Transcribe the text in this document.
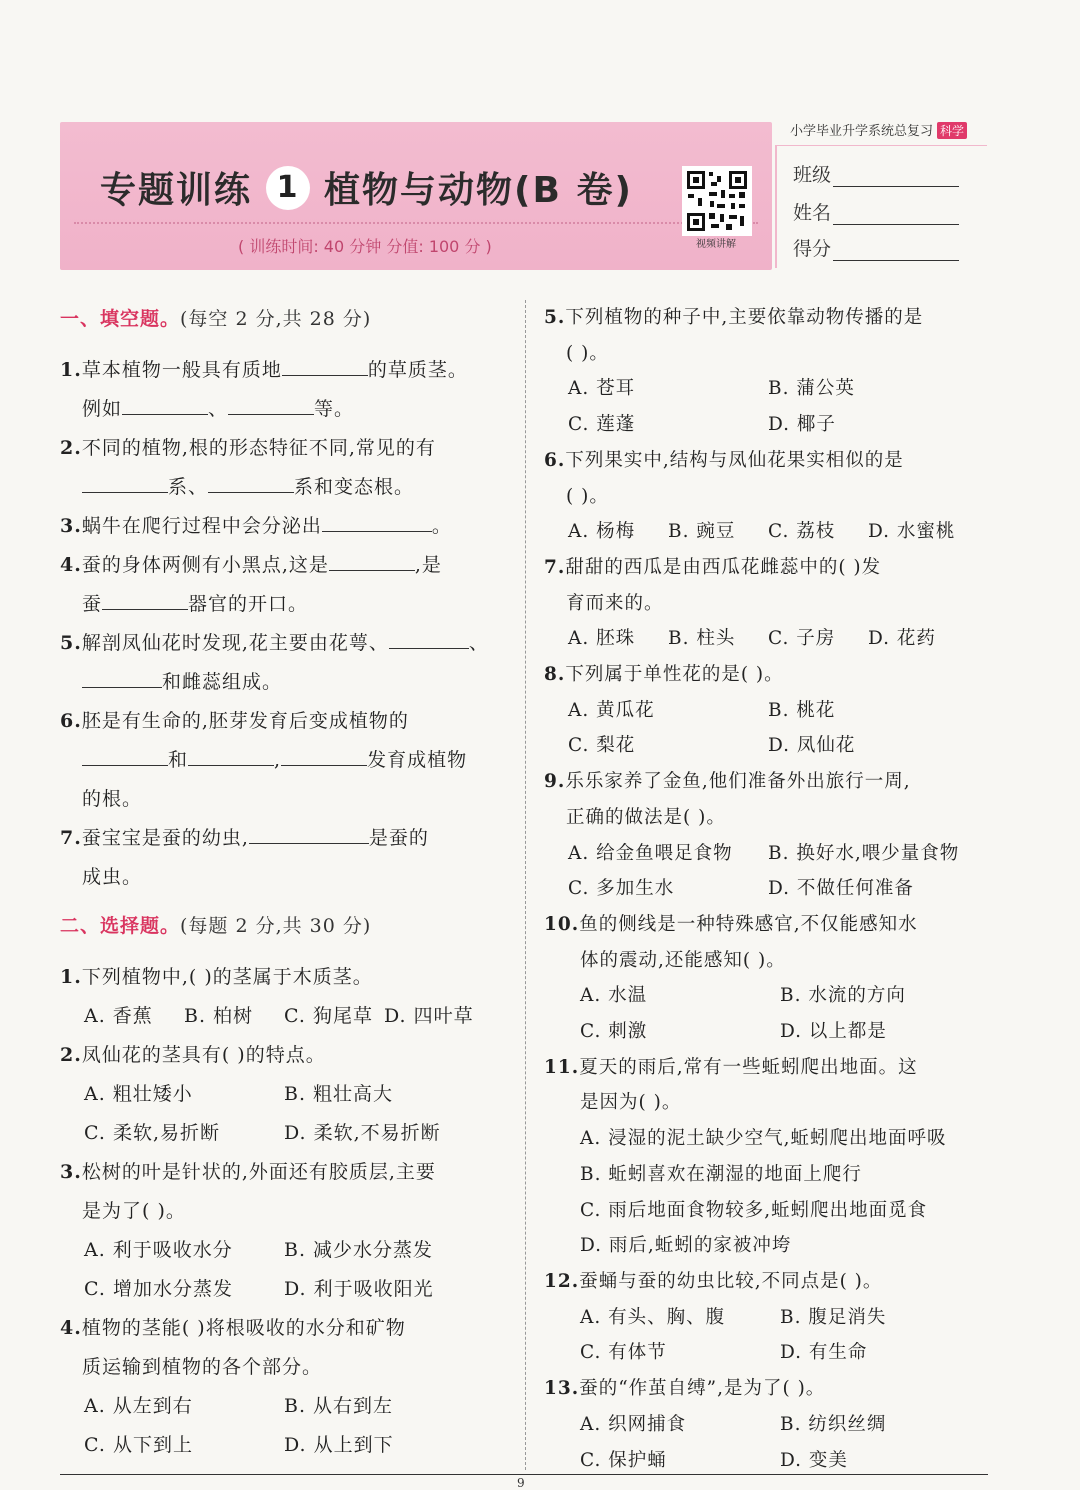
专题训练 1 植物与动物(B 卷)
( 训练时间: 40 分钟 分值: 100 分 )	视频讲解
小学毕业升学系统总复习 科学
班级
姓名
得分

一、填空题。(每空 2 分,共 28 分)

1.草本植物一般具有质地	的草质茎。
例如	、	等。
2.不同的植物,根的形态特征不同,常见的有
系、	系和变态根。
3.蜗牛在爬行过程中会分泌出	。
4.蚕的身体两侧有小黑点,这是	,是
蚕	器官的开口。
5.解剖凤仙花时发现,花主要由花萼、	、
和雌蕊组成。
6.胚是有生命的,胚芽发育后变成植物的
和	,	发育成植物
的根。
7.蚕宝宝是蚕的幼虫,	是蚕的
成虫。

二、选择题。(每题 2 分,共 30 分)

1.下列植物中,( )的茎属于木质茎。
A. 香蕉	B. 柏树	C. 狗尾草 D. 四叶草
2.凤仙花的茎具有( )的特点。
A. 粗壮矮小	B. 粗壮高大
C. 柔软,易折断	D. 柔软,不易折断
3.松树的叶是针状的,外面还有胶质层,主要
是为了( )。
A. 利于吸收水分	B. 减少水分蒸发
C. 增加水分蒸发	D. 利于吸收阳光
4.植物的茎能( )将根吸收的水分和矿物
质运输到植物的各个部分。
A. 从左到右	B. 从右到左
C. 从下到上	D. 从上到下
5.下列植物的种子中,主要依靠动物传播的是
( )。
A. 苍耳	B. 蒲公英
C. 莲蓬	D. 椰子
6.下列果实中,结构与凤仙花果实相似的是
( )。
A. 杨梅	B. 豌豆	C. 荔枝	D. 水蜜桃
7.甜甜的西瓜是由西瓜花雌蕊中的( )发
育而来的。
A. 胚珠	B. 柱头	C. 子房	D. 花药
8.下列属于单性花的是( )。
A. 黄瓜花	B. 桃花
C. 梨花	D. 凤仙花
9.乐乐家养了金鱼,他们准备外出旅行一周,
正确的做法是( )。
A. 给金鱼喂足食物	B. 换好水,喂少量食物
C. 多加生水	D. 不做任何准备
10.鱼的侧线是一种特殊感官,不仅能感知水
体的震动,还能感知( )。
A. 水温	B. 水流的方向
C. 刺激	D. 以上都是
11.夏天的雨后,常有一些蚯蚓爬出地面。这
是因为( )。
A. 浸湿的泥土缺少空气,蚯蚓爬出地面呼吸
B. 蚯蚓喜欢在潮湿的地面上爬行
C. 雨后地面食物较多,蚯蚓爬出地面觅食
D. 雨后,蚯蚓的家被冲垮
12.蚕蛹与蚕的幼虫比较,不同点是( )。
A. 有头、胸、腹	B. 腹足消失
C. 有体节	D. 有生命
13.蚕的“作茧自缚”,是为了( )。
A. 织网捕食	B. 纺织丝绸
C. 保护蛹	D. 变美
9
